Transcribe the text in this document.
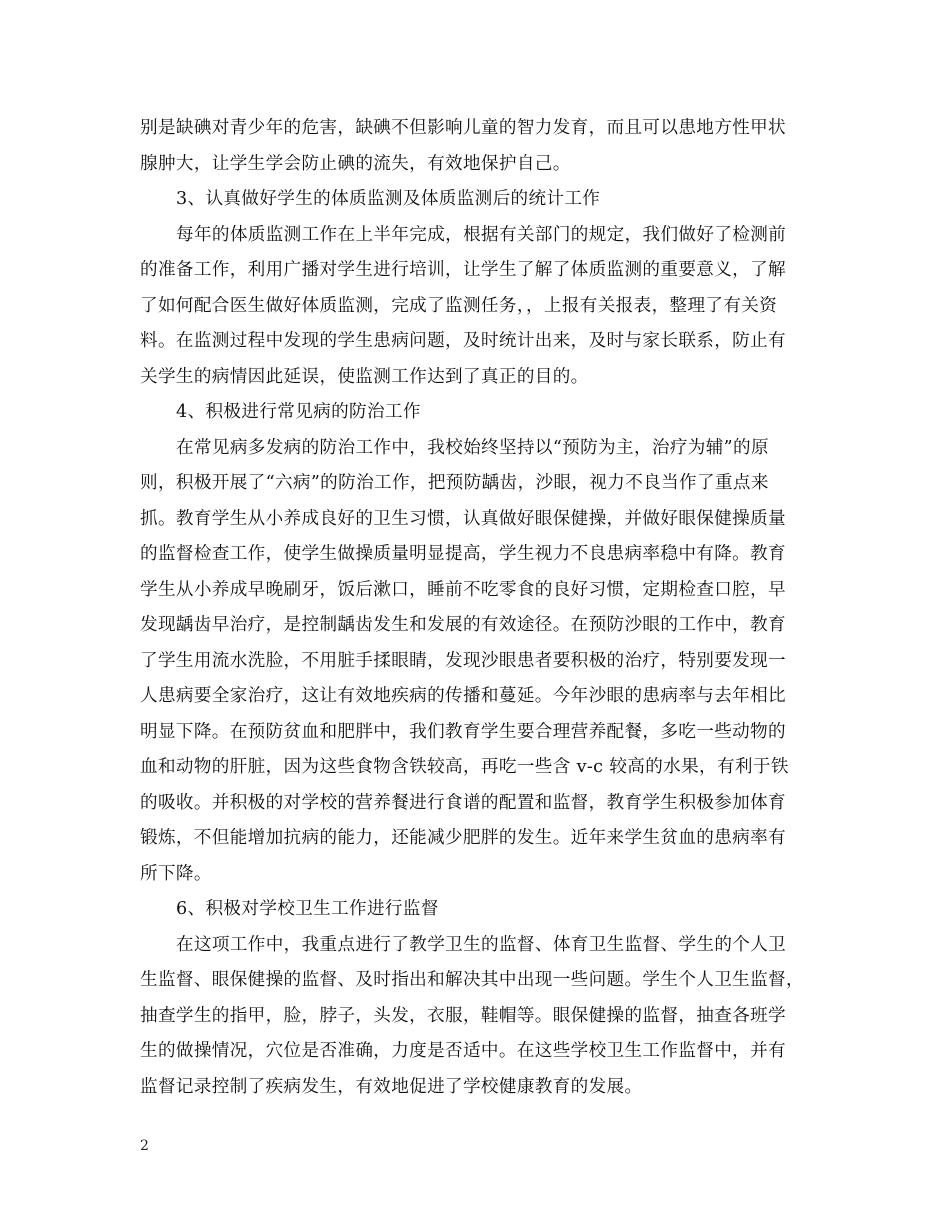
别是缺碘对青少年的危害，缺碘不但影响儿童的智力发育，而且可以患地方性甲状
腺肿大，让学生学会防止碘的流失，有效地保护自己。
3、认真做好学生的体质监测及体质监测后的统计工作
每年的体质监测工作在上半年完成，根据有关部门的规定，我们做好了检测前
的准备工作，利用广播对学生进行培训，让学生了解了体质监测的重要意义，了解
了如何配合医生做好体质监测，完成了监测任务，，上报有关报表，整理了有关资
料。在监测过程中发现的学生患病问题，及时统计出来，及时与家长联系，防止有
关学生的病情因此延误，使监测工作达到了真正的目的。
4、积极进行常见病的防治工作
在常见病多发病的防治工作中，我校始终坚持以“预防为主，治疗为辅”的原
则，积极开展了“六病”的防治工作，把预防龋齿，沙眼，视力不良当作了重点来
抓。教育学生从小养成良好的卫生习惯，认真做好眼保健操，并做好眼保健操质量
的监督检查工作，使学生做操质量明显提高，学生视力不良患病率稳中有降。教育
学生从小养成早晚刷牙，饭后漱口，睡前不吃零食的良好习惯，定期检查口腔，早
发现龋齿早治疗，是控制龋齿发生和发展的有效途径。在预防沙眼的工作中，教育
了学生用流水洗脸，不用脏手揉眼睛，发现沙眼患者要积极的治疗，特别要发现一
人患病要全家治疗，这让有效地疾病的传播和蔓延。今年沙眼的患病率与去年相比
明显下降。在预防贫血和肥胖中，我们教育学生要合理营养配餐，多吃一些动物的
血和动物的肝脏，因为这些食物含铁较高，再吃一些含 v-c 较高的水果，有利于铁
的吸收。并积极的对学校的营养餐进行食谱的配置和监督，教育学生积极参加体育
锻炼，不但能增加抗病的能力，还能减少肥胖的发生。近年来学生贫血的患病率有
所下降。
6、积极对学校卫生工作进行监督
在这项工作中，我重点进行了教学卫生的监督、体育卫生监督、学生的个人卫
生监督、眼保健操的监督、及时指出和解决其中出现一些问题。学生个人卫生监督，
抽查学生的指甲，脸，脖子，头发，衣服，鞋帽等。眼保健操的监督，抽查各班学
生的做操情况，穴位是否准确，力度是否适中。在这些学校卫生工作监督中，并有
监督记录控制了疾病发生，有效地促进了学校健康教育的发展。
2
